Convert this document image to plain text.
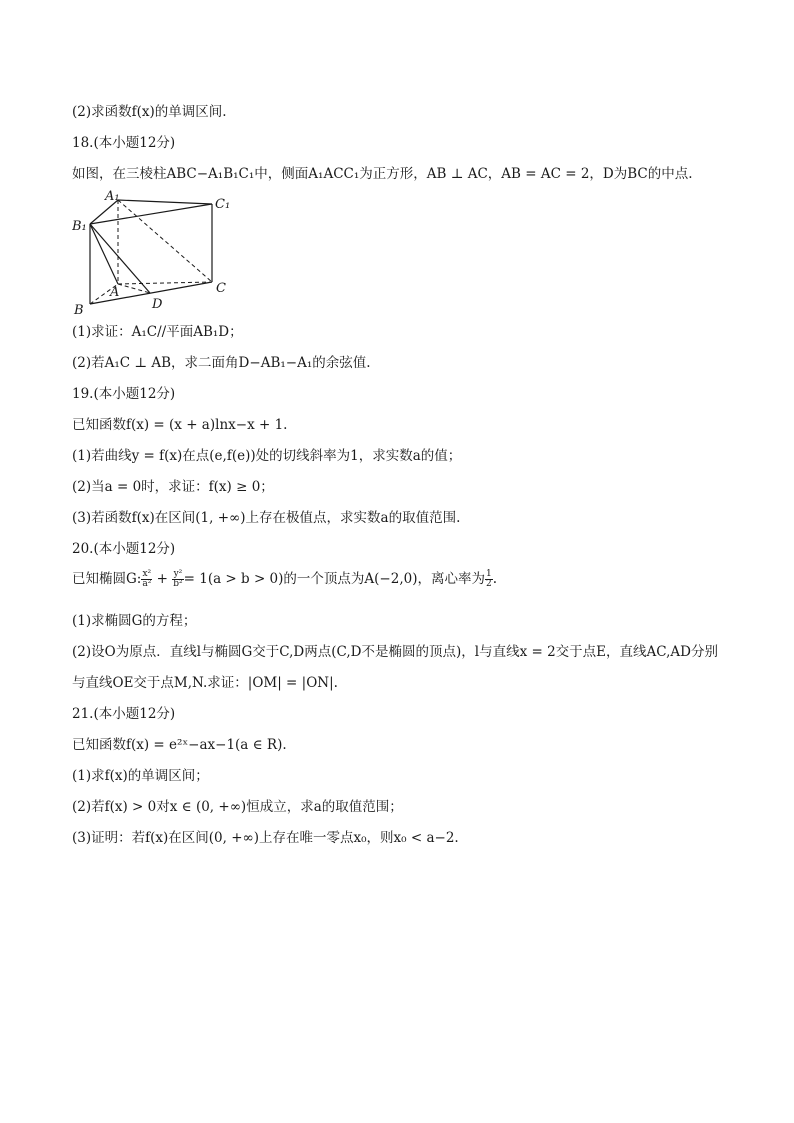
(2)求函数f(x)的单调区间.
18.(本小题12分)
如图，在三棱柱ABC−A₁B₁C₁中，侧面A₁ACC₁为正方形，AB ⊥ AC，AB = AC = 2，D为BC的中点.
A₁
C₁
B₁
A
B
C
D
(1)求证：A₁C//平面AB₁D；
(2)若A₁C ⊥ AB，求二面角D−AB₁−A₁的余弦值.
19.(本小题12分)
已知函数f(x) = (x + a)lnx−x + 1.
(1)若曲线y = f(x)在点(e,f(e))处的切线斜率为1，求实数a的值；
(2)当a = 0时，求证：f(x) ≥ 0；
(3)若函数f(x)在区间(1, +∞)上存在极值点，求实数a的取值范围.
20.(本小题12分)
已知椭圆G: $\frac{\text{x²}}{\text{a²}} + \frac{\text{y²}}{\text{b²}} = 1(a > b > 0)$的一个顶点为A(−2,0)，离心率为 $\frac{1}{2}$ .
(1)求椭圆G的方程；
(2)设O为原点．直线l与椭圆G交于C,D两点(C,D不是椭圆的顶点)，l与直线x = 2交于点E，直线AC,AD分别
与直线OE交于点M,N.求证：|OM| = |ON|.
21.(本小题12分)
已知函数f(x) = e²ˣ−ax−1(a ∈ R).
(1)求f(x)的单调区间；
(2)若f(x) > 0对x ∈ (0, +∞)恒成立，求a的取值范围；
(3)证明：若f(x)在区间(0, +∞)上存在唯一零点x₀，则x₀ < a−2.
